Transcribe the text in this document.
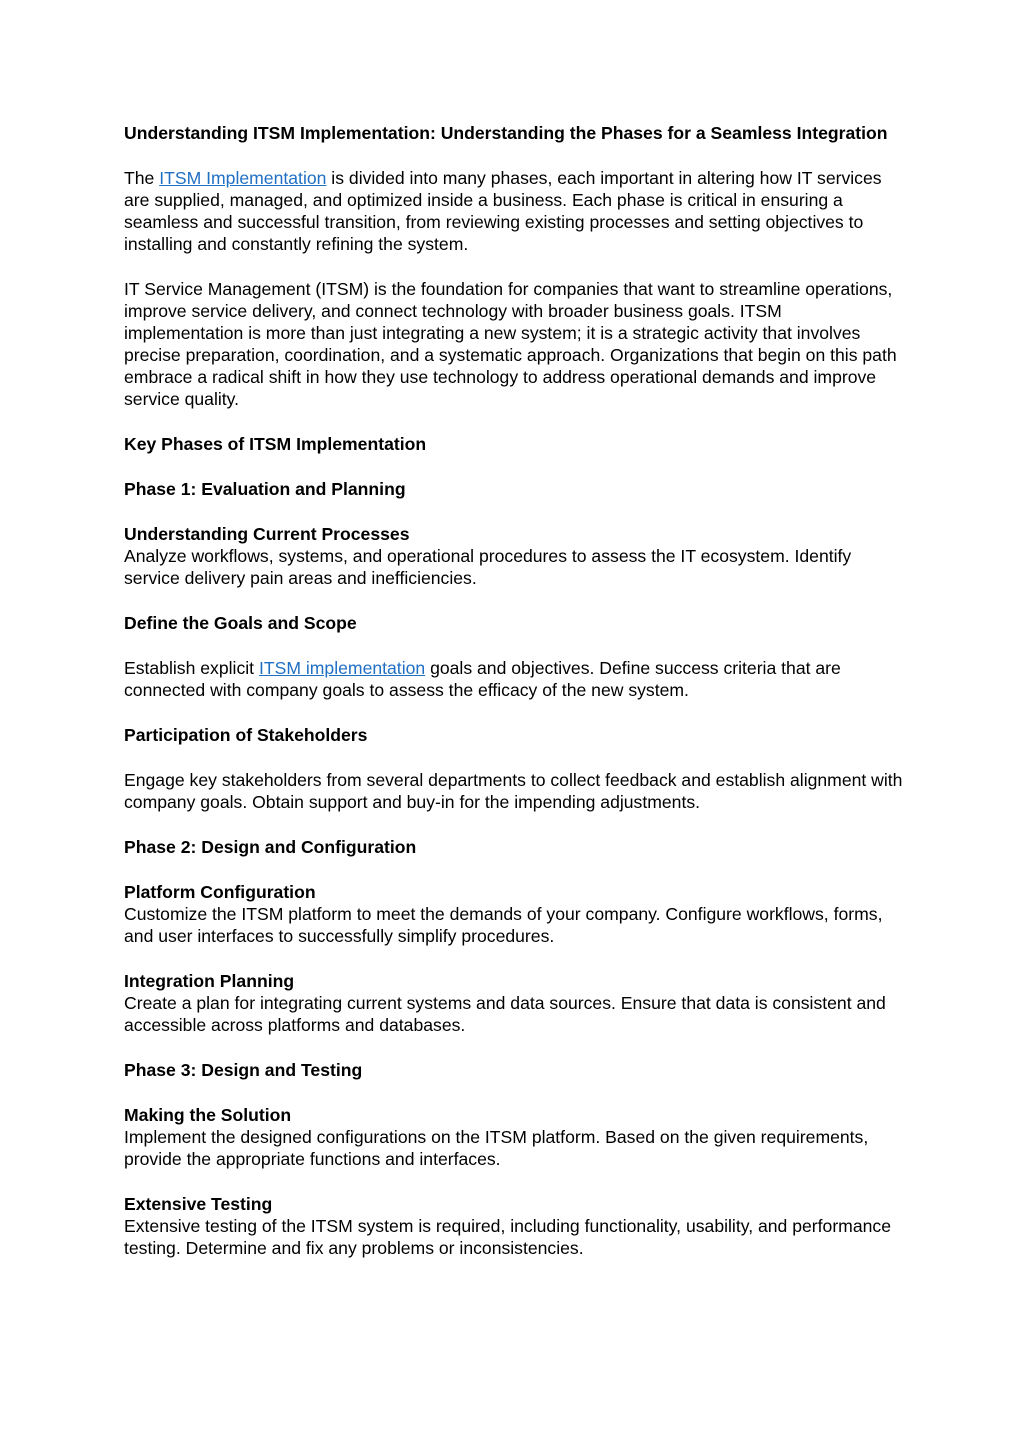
Understanding ITSM Implementation: Understanding the Phases for a Seamless Integration

The ITSM Implementation is divided into many phases, each important in altering how IT services are supplied, managed, and optimized inside a business. Each phase is critical in ensuring a seamless and successful transition, from reviewing existing processes and setting objectives to installing and constantly refining the system.

IT Service Management (ITSM) is the foundation for companies that want to streamline operations, improve service delivery, and connect technology with broader business goals. ITSM implementation is more than just integrating a new system; it is a strategic activity that involves precise preparation, coordination, and a systematic approach. Organizations that begin on this path embrace a radical shift in how they use technology to address operational demands and improve service quality.

Key Phases of ITSM Implementation

Phase 1: Evaluation and Planning

Understanding Current Processes

Analyze workflows, systems, and operational procedures to assess the IT ecosystem. Identify service delivery pain areas and inefficiencies.

Define the Goals and Scope

Establish explicit ITSM implementation goals and objectives. Define success criteria that are connected with company goals to assess the efficacy of the new system.

Participation of Stakeholders

Engage key stakeholders from several departments to collect feedback and establish alignment with company goals. Obtain support and buy-in for the impending adjustments.

Phase 2: Design and Configuration

Platform Configuration

Customize the ITSM platform to meet the demands of your company. Configure workflows, forms, and user interfaces to successfully simplify procedures.

Integration Planning

Create a plan for integrating current systems and data sources. Ensure that data is consistent and accessible across platforms and databases.

Phase 3: Design and Testing

Making the Solution

Implement the designed configurations on the ITSM platform. Based on the given requirements, provide the appropriate functions and interfaces.

Extensive Testing

Extensive testing of the ITSM system is required, including functionality, usability, and performance testing. Determine and fix any problems or inconsistencies.
